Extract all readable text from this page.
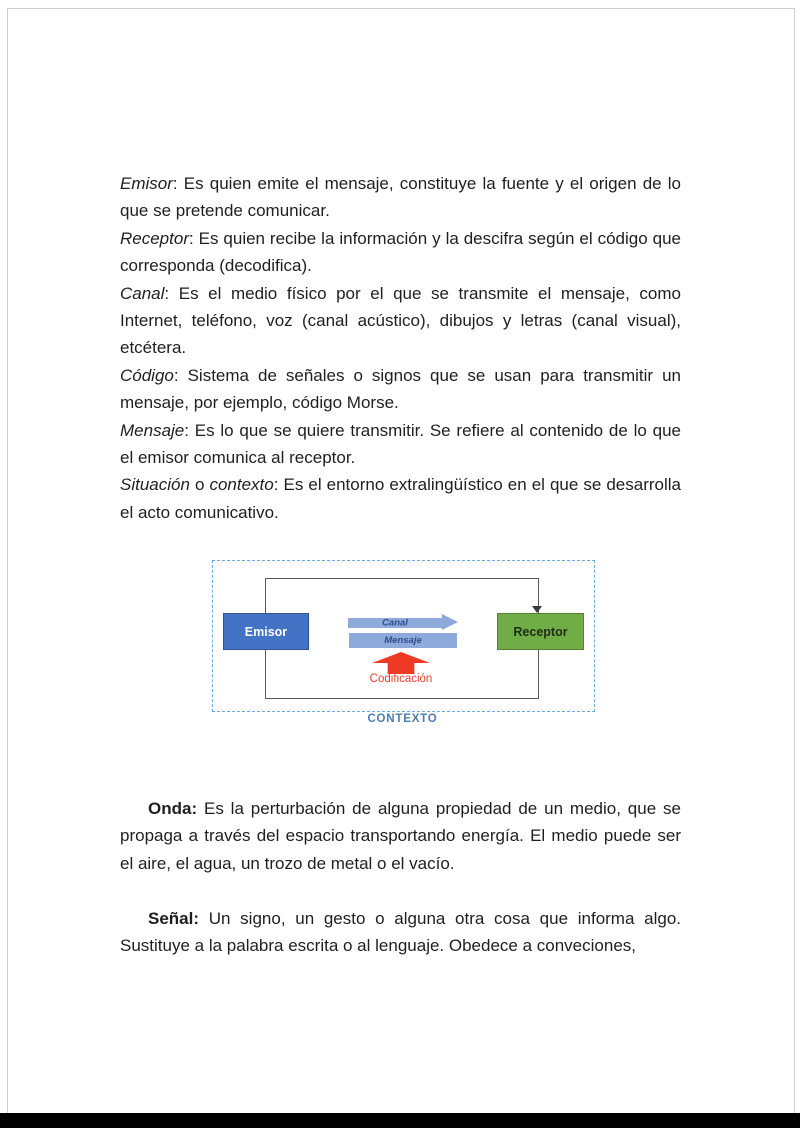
Emisor: Es quien emite el mensaje, constituye la fuente y el origen de lo que se pretende comunicar.

Receptor: Es quien recibe la información y la descifra según el código que corresponda (decodifica).

Canal: Es el medio físico por el que se transmite el mensaje, como Internet, teléfono, voz (canal acústico), dibujos y letras (canal visual), etcétera.

Código: Sistema de señales o signos que se usan para transmitir un mensaje, por ejemplo, código Morse.

Mensaje: Es lo que se quiere transmitir. Se refiere al contenido de lo que el emisor comunica al receptor.

Situación o contexto: Es el entorno extralingüístico en el que se desarrolla el acto comunicativo.

Emisor	Receptor
Canal
Mensaje
Codificación
CONTEXTO

Onda: Es la perturbación de alguna propiedad de un medio, que se propaga a través del espacio transportando energía. El medio puede ser el aire, el agua, un trozo de metal o el vacío.

Señal: Un signo, un gesto o alguna otra cosa que informa algo. Sustituye a la palabra escrita o al lenguaje. Obedece a conveciones,
